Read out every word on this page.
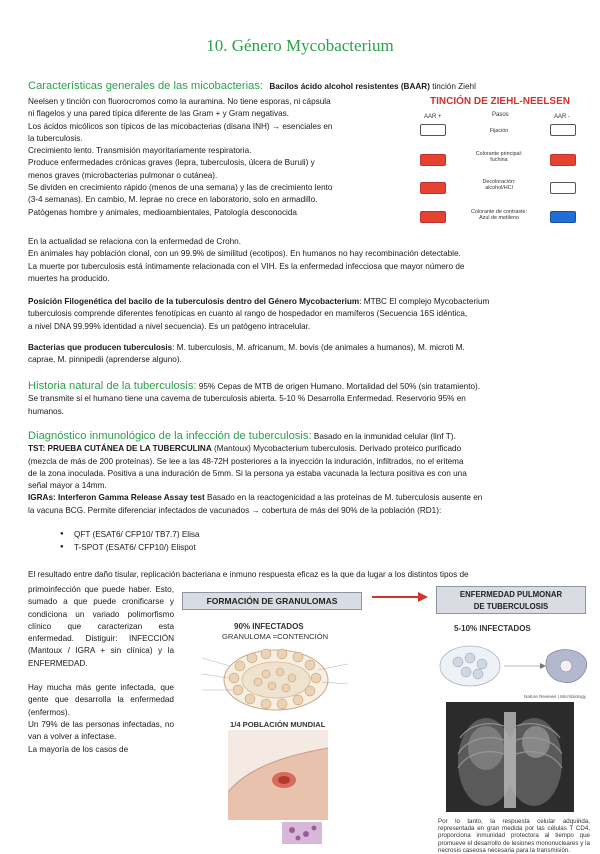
10. Género Mycobacterium

Características generales de las micobacterias: Bacilos ácido alcohol resistentes (BAAR) tinción Ziehl

Neelsen y tinción con fluorocromos como la auramina. No tiene esporas, ni cápsula
ni flagelos y una pared típica diferente de las Gram + y Gram negativas.
Los ácidos micólicos son típicos de las micobacterias (disana INH) → esenciales en
la tuberculosis.
Crecimiento lento. Transmisión mayoritariamente respiratoria.
Produce enfermedades crónicas graves (lepra, tuberculosis, úlcera de Buruli) y
menos graves (microbacterias pulmonar o cutánea).
Se dividen en crecimiento rápido (menos de una semana) y las de crecimiento lento
(3-4 semanas). En cambio, M. leprae no crece en laboratorio, solo en armadillo.
Patógenas hombre y animales, medioambientales, Patología desconocida
TINCIÓN DE ZIEHL-NEELSEN
AAR +	Pasos	AAR -
Fijación
Colorante principal:
fuchina
Decoloración:
alcohol/HCl
Colorante de contraste:
Azul de metileno
En la actualidad se relaciona con la enfermedad de Crohn.
En animales hay población clonal, con un 99.9% de similitud (ecotipos). En humanos no hay recombinación detectable.
La muerte por tuberculosis está íntimamente relacionada con el VIH. Es la enfermedad infecciosa que mayor número de
muertes ha producido.
Posición Filogenética del bacilo de la tuberculosis dentro del Género Mycobacterium: MTBC El complejo Mycobacterium
tuberculosis comprende diferentes fenotípicas en cuanto al rango de hospedador en mamíferos (Secuencia 16S idéntica,
a nivel DNA 99.99% identidad a nivel secuencia). Es un patógeno intracelular.
Bacterias que producen tuberculosis: M. tuberculosis, M. africanum, M. bovis (de animales a humanos), M. microti M.
caprae, M. pinnipedii (aprenderse alguno).
Historia natural de la tuberculosis: 95% Cepas de MTB de origen Humano. Mortalidad del 50% (sin tratamiento).
Se transmite si el humano tiene una caverna de tuberculosis abierta. 5-10 % Desarrolla Enfermedad. Reservorio 95% en
humanos.
Diagnóstico inmunológico de la infección de tuberculosis: Basado en la inmunidad celular (linf T).
TST: PRUEBA CUTÁNEA DE LA TUBERCULINA (Mantoux) Mycobacterium tuberculosis. Derivado proteico purificado
(mezcla de más de 200 proteínas). Se lee a las 48-72H posteriores a la inyección la induración, infiltrados, no el eritema
de la zona inoculada. Positiva a una induración de 5mm. Si la persona ya estaba vacunada la lectura positiva es con una
señal mayor a 14mm.
IGRAs: Interferon Gamma Release Assay test Basado en la reactogenicidad a las proteínas de M. tuberculosis ausente en
la vacuna BCG. Permite diferenciar infectados de vacunados → cobertura de más del 90% de la población (RD1):
● QFT (ESAT6/ CFP10/ TB7.7) Elisa
● T-SPOT (ESAT6/ CFP10/) Elispot
El resultado entre daño tisular, replicación bacteriana e inmuno respuesta eficaz es la que da lugar a los distintos tipos de
primoinfección que puede haber. Esto, sumado a que puede cronificarse y condiciona un variado polimorfismo clínico que caracterizan esta enfermedad. Distiguir: INFECCIÓN (Mantoux / IGRA + sin clínica) y la ENFERMEDAD.
Hay mucha más gente infectada, que gente que desarrolla la enfermedad (enfermos).
Un 79% de las personas infectadas, no van a volver a infectase.
La mayoría de los casos de
FORMACIÓN DE GRANULOMAS
90% INFECTADOS
GRANULOMA =CONTENCIÓN
1/4 POBLACIÓN MUNDIAL
ENFERMEDAD PULMONAR
DE TUBERCULOSIS
5-10% INFECTADOS
Nature Reviews | Microbiology
Por lo tanto, la respuesta celular adquirida, representada en gran medida por las células T CD4, proporciona inmunidad protectora al tiempo que promueve el desarrollo de lesiones mononucleares y la necrosis caseosa necesaria para la transmisión.
